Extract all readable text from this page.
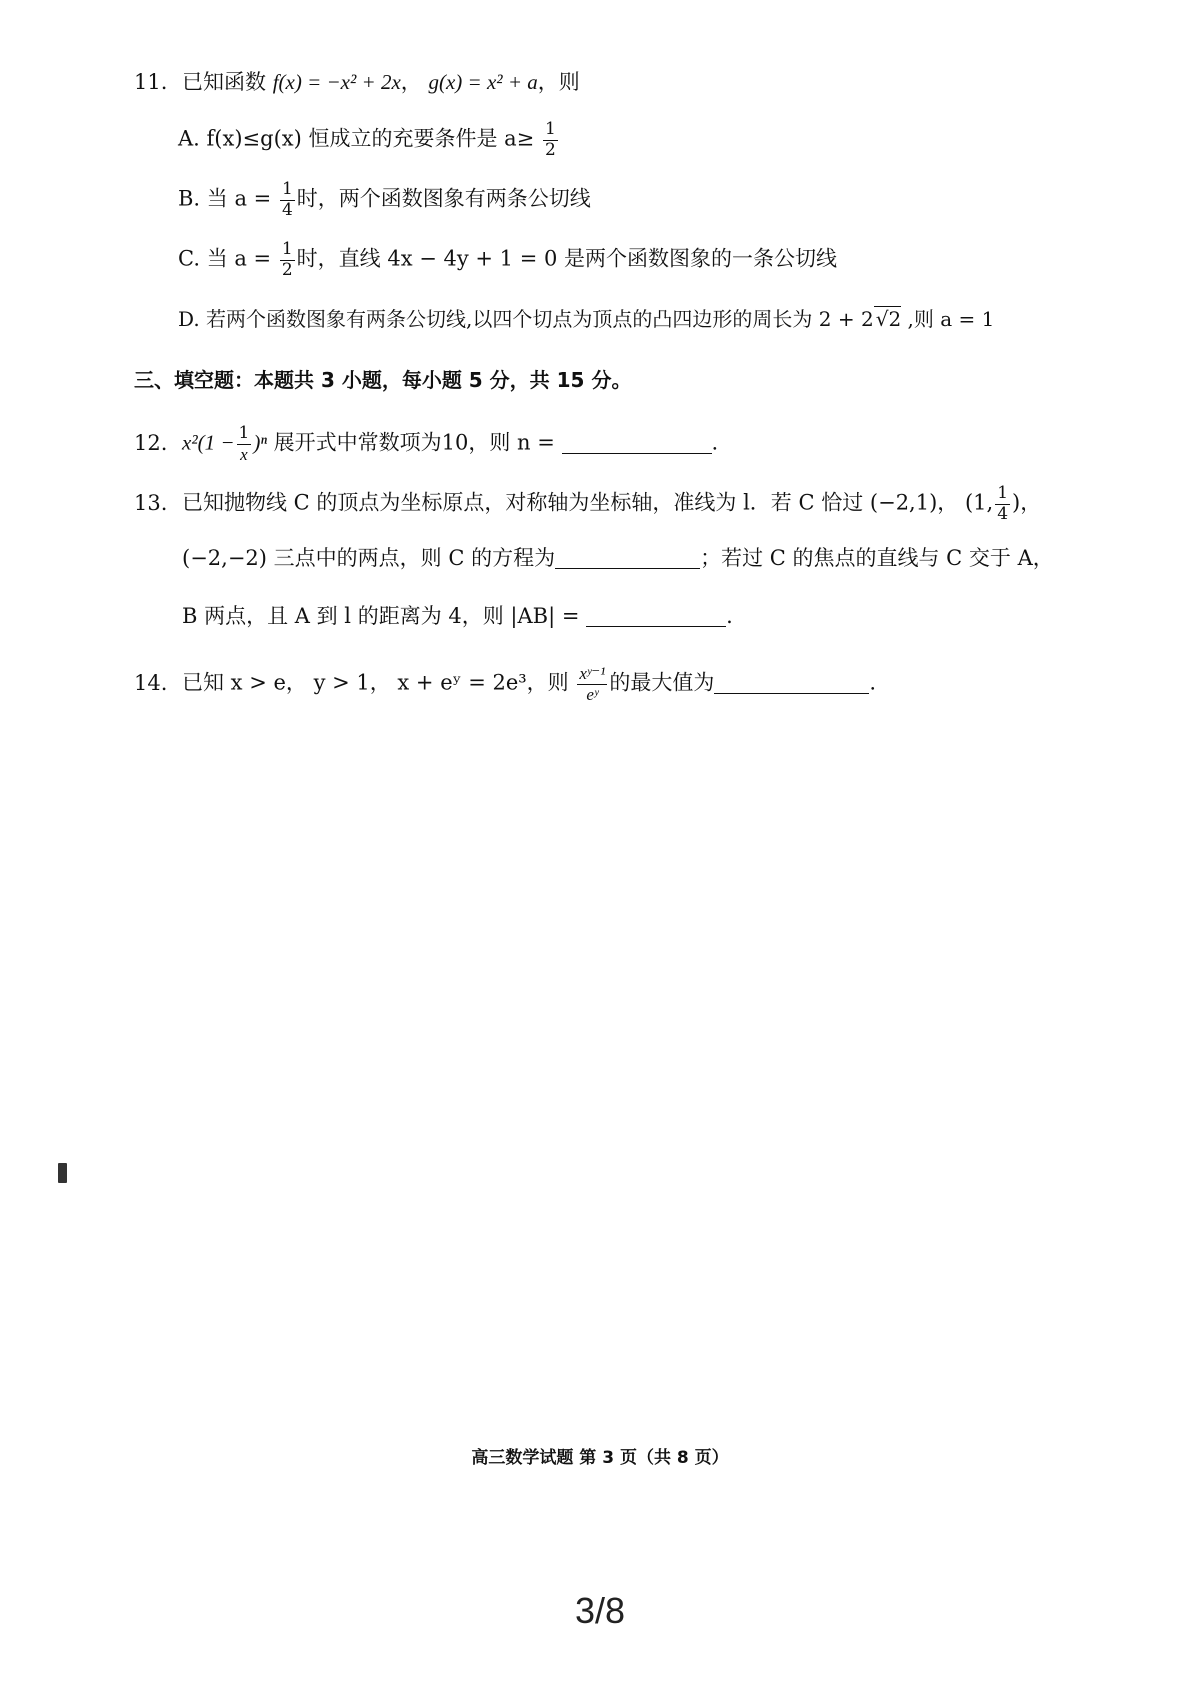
11. 已知函数 f(x) = −x² + 2x， g(x) = x² + a，则
A. f(x)≤g(x) 恒成立的充要条件是 $a\ge \frac{1}{2}$
B. 当 $a = \frac{1}{4}$ 时，两个函数图象有两条公切线
C. 当 $a = \frac{1}{2}$ 时，直线 4x − 4y + 1 = 0 是两个函数图象的一条公切线
D. 若两个函数图象有两条公切线,以四个切点为顶点的凸四边形的周长为 2 + 2 √2 ,则 a = 1
三、填空题：本题共 3 小题，每小题 5 分，共 15 分。
12. $x^2(1 - \frac{1}{x} )^n$ 展开式中常数项为10，则 n =	.
13. 已知抛物线 C 的顶点为坐标原点，对称轴为坐标轴，准线为 l．若 C 恰过 (−2,1)， (1, $\frac{1}{4}$ )，
(−2,−2) 三点中的两点，则 C 的方程为	；若过 C 的焦点的直线与 C 交于 A，
B 两点，且 A 到 l 的距离为 4，则 |AB| =	.
14. 已知 x > e， y > 1， x + eʸ = 2e³，则 $\frac{\text{xʸ⁻¹}}{\text{eʸ}}$ 的最大值为	.
高三数学试题 第 3 页（共 8 页）
3/8
